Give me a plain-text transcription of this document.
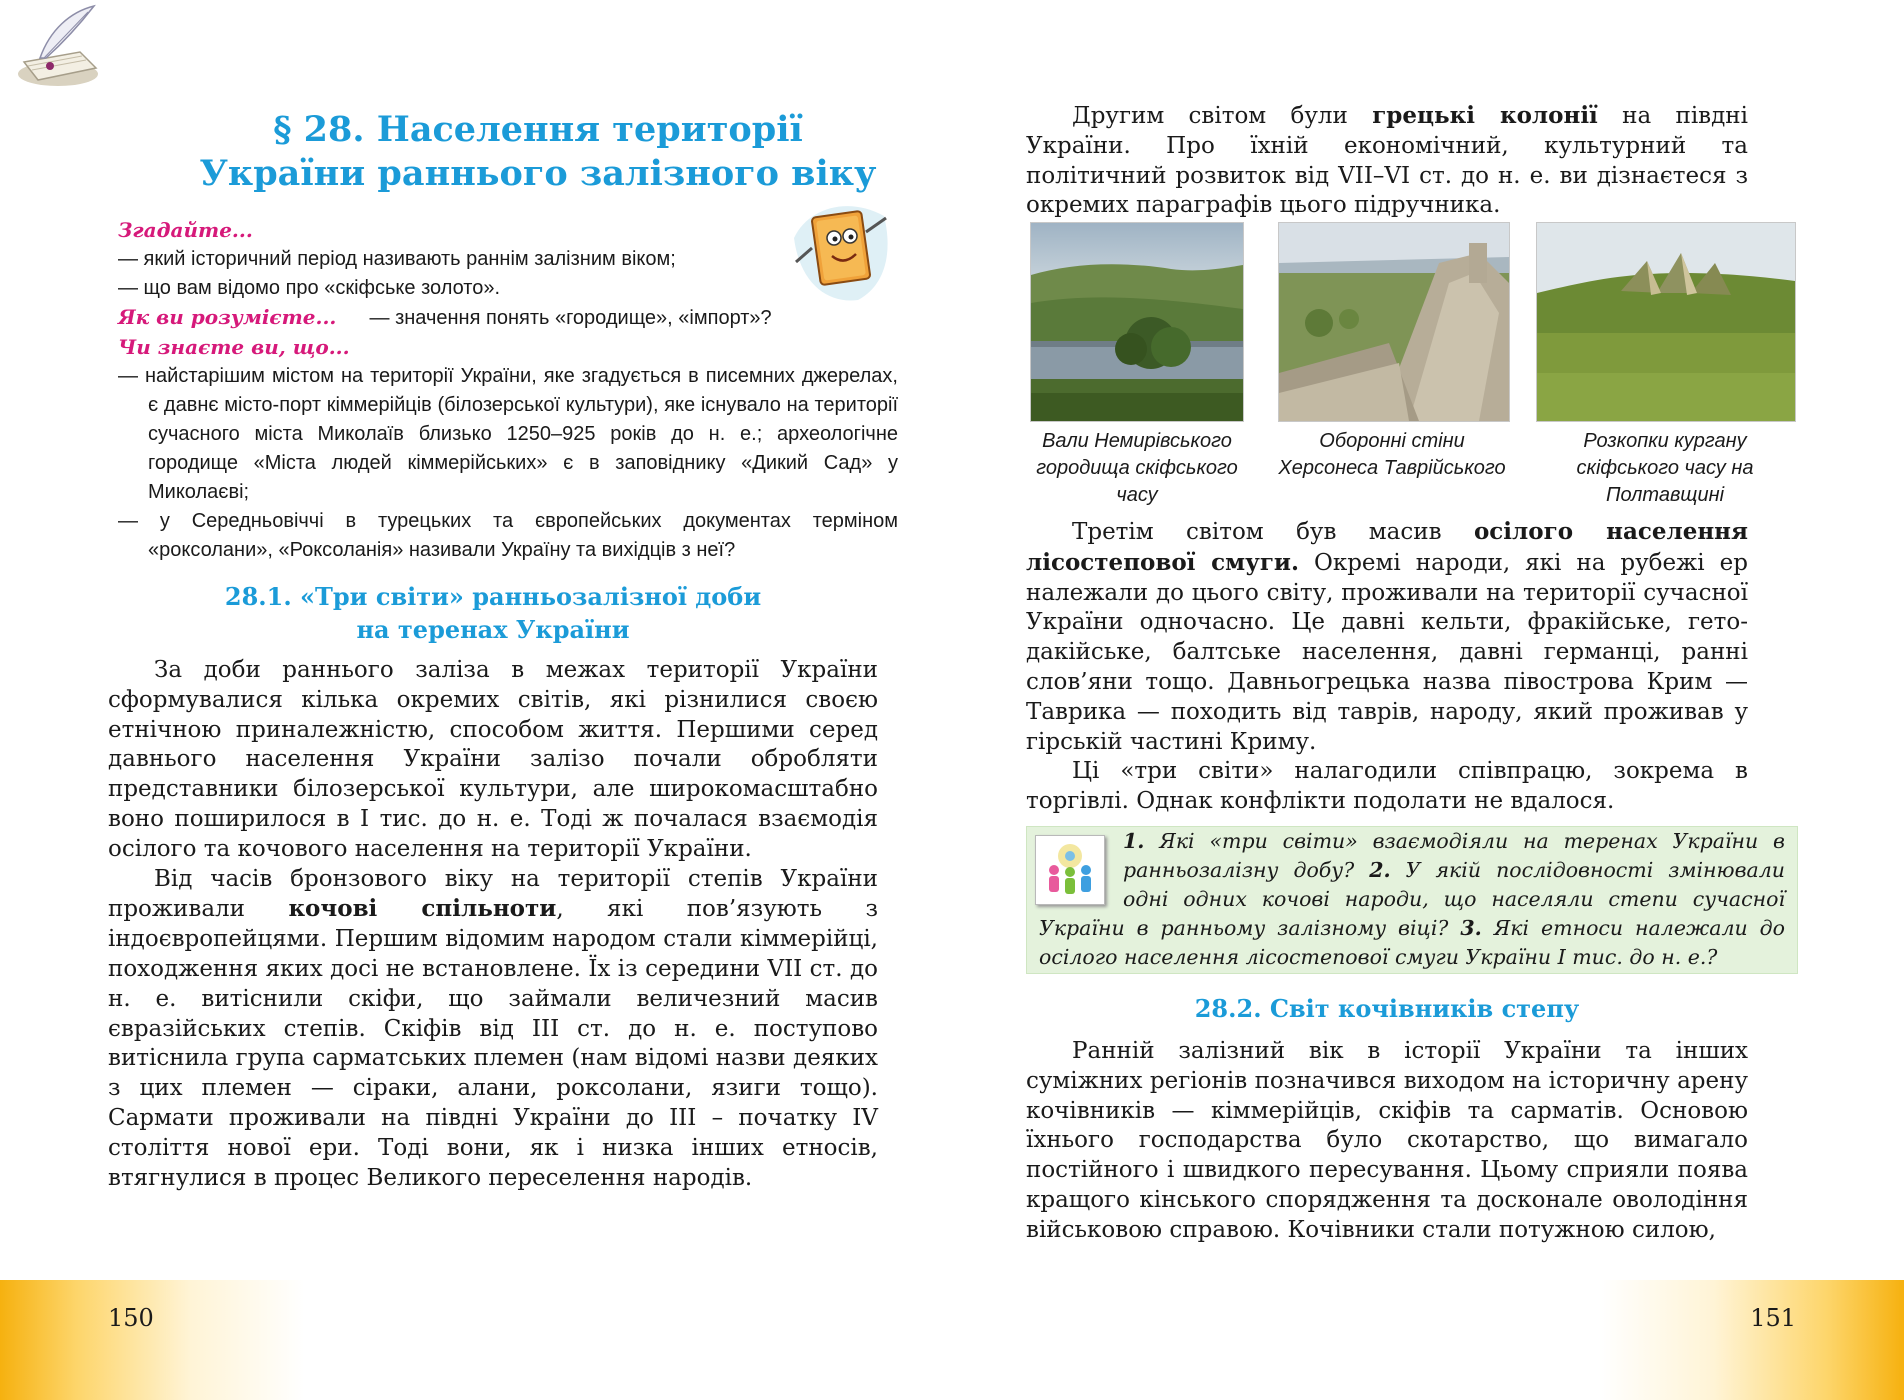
§ 28. Населення території
України раннього залізного віку
Згадайте...
— який історичний період називають раннім залізним віком;
— що вам відомо про «скіфське золото».
Як ви розумієте... — значення понять «городище», «імпорт»?
Чи знаєте ви, що...
— найстарішим містом на території України, яке згадується в писемних джерелах, є давнє місто-порт кіммерійців (білозерської культури), яке існувало на території сучасного міста Миколаїв близько 1250–925 років до н. е.; археологічне городище «Міста людей кіммерійських» є в заповіднику «Дикий Сад» у Миколаєві;
— у Середньовіччі в турецьких та європейських документах терміном «роксолани», «Роксоланія» називали Україну та вихідців з неї?
28.1. «Три світи» ранньозалізної доби
на теренах України

За доби раннього заліза в межах території України сформувалися кілька окремих світів, які різнилися своєю етнічною приналежністю, способом життя. Першими серед давнього населення України залізо почали обробляти представники білозерської культури, але широкомасштабно воно поширилося в І тис. до н. е. Тоді ж почалася взаємодія осілого та кочового населення на території України.

Від часів бронзового віку на території степів України проживали кочові спільноти, які пов’язують з індоєвропейцями. Першим відомим народом стали кіммерійці, походження яких досі не встановлене. Їх із середини VII ст. до н. е. витіснили скіфи, що займали величезний масив євразійських степів. Скіфів від ІІІ ст. до н. е. поступово витіснила група сарматських племен (нам відомі назви деяких з цих племен — сіраки, алани, роксолани, язиги тощо). Сармати проживали на півдні України до ІІІ – початку IV століття нової ери. Тоді вони, як і низка інших етносів, втягнулися в процес Великого переселення народів.

150

Другим світом були грецькі колонії на півдні України. Про їхній економічний, культурний та політичний розвиток від VII–VI ст. до н. е. ви дізнаєтеся з окремих параграфів цього підручника.

Вали Немирівського городища скіфського часу
Оборонні стіни Херсонеса Таврійського
Розкопки кургану скіфського часу на Полтавщині

Третім світом був масив осілого населення лісостепової смуги. Окремі народи, які на рубежі ер належали до цього світу, проживали на території сучасної України одночасно. Це давні кельти, фракійське, гето-дакійське, балтське населення, давні германці, ранні слов’яни тощо. Давньогрецька назва півострова Крим — Таврика — походить від таврів, народу, який проживав у гірській частині Криму.

Ці «три світи» налагодили співпрацю, зокрема в торгівлі. Однак конфлікти подолати не вдалося.

1. Які «три світи» взаємодіяли на теренах України в ранньозалізну добу? 2. У якій послідовності змінювали одні одних кочові народи, що населяли степи сучасної України в ранньому залізному віці? 3. Які етноси належали до осілого населення лісостепової смуги України І тис. до н. е.?
28.2. Світ кочівників степу

Ранній залізний вік в історії України та інших суміжних регіонів позначився виходом на історичну арену кочівників — кіммерійців, скіфів та сарматів. Основою їхнього господарства було скотарство, що вимагало постійного і швидкого пересування. Цьому сприяли поява кращого кінського спорядження та досконале оволодіння військовою справою. Кочівники стали потужною силою,

151
